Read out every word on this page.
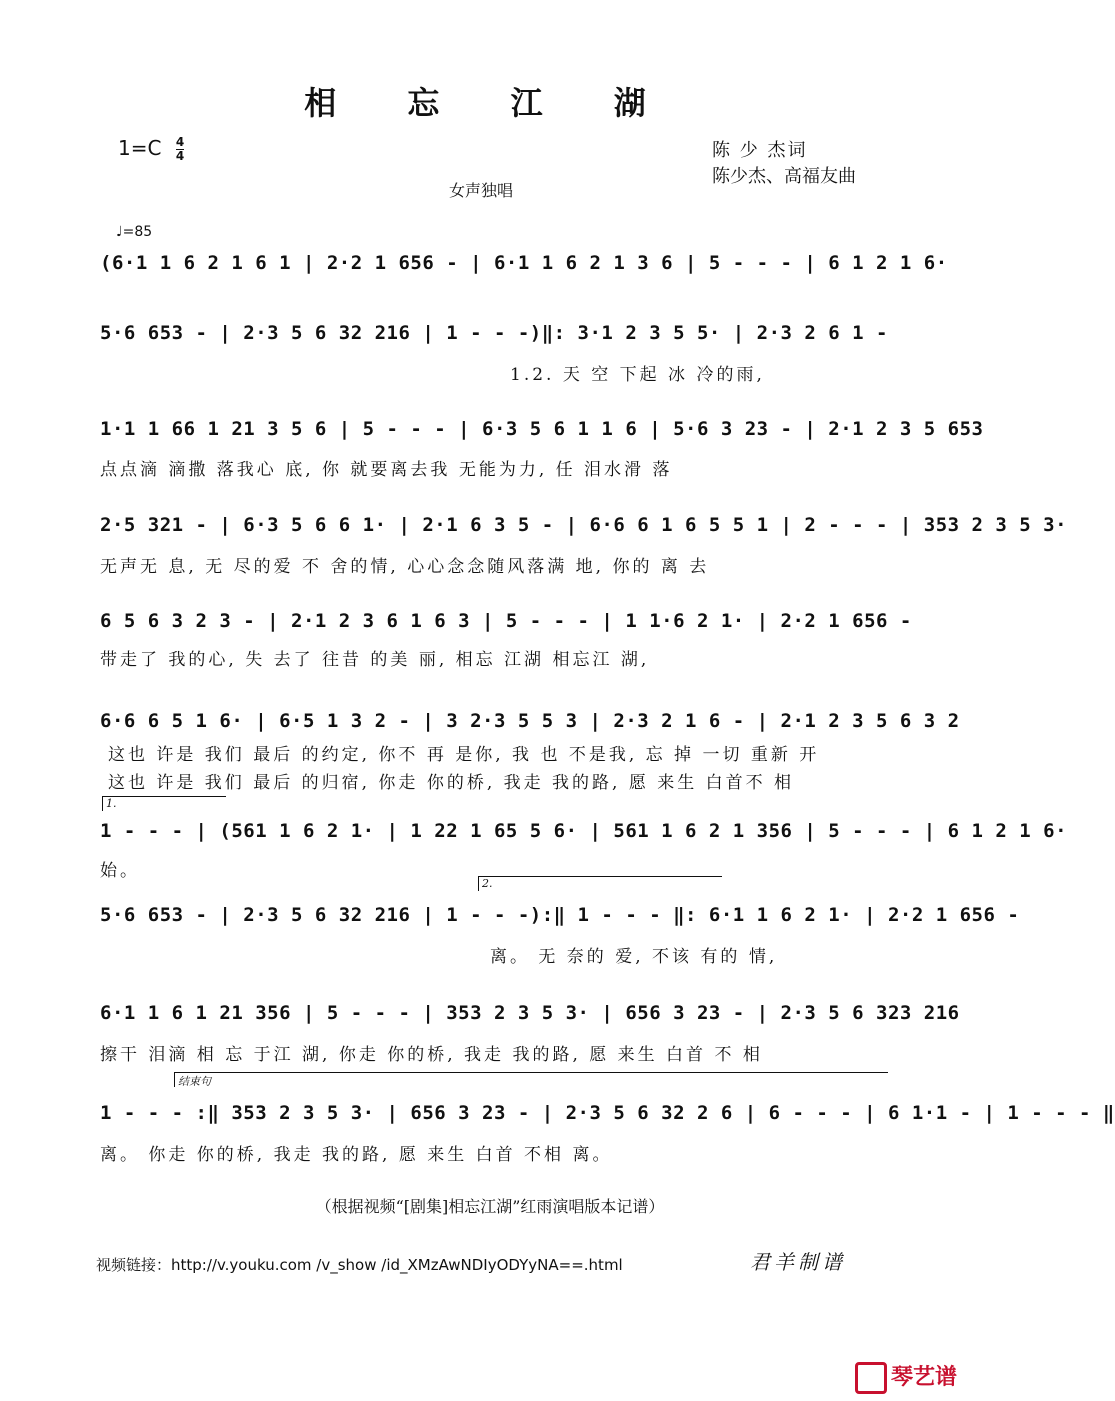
相 忘 江 湖
$1=C \frac{4}{4}$	陈 少 杰词
陈少杰、高福友曲
女声独唱
♩=85
(6·1 1 6 2 1 6 1 | 2·2 1 656 - | 6·1 1 6 2 1 3 6 | 5 - - - | 6 1 2 1 6·
5·6 653 - | 2·3 5 6 32 216 | 1 - - -)‖: 3·1 2 3 5 5· | 2·3 2 6 1 -
1.2. 天 空 下起 冰 冷的雨,
1·1 1 66 1 21 3 5 6 | 5 - - - | 6·3 5 6 1 1 6 | 5·6 3 23 - | 2·1 2 3 5 653
点点滴 滴撒 落我心 底, 你 就要离去我 无能为力, 任 泪水滑 落
2·5 321 - | 6·3 5 6 6 1· | 2·1 6 3 5 - | 6·6 6 1 6 5 5 1 | 2 - - - | 353 2 3 5 3·
无声无 息, 无 尽的爱 不 舍的情, 心心念念随风落满 地, 你的 离 去
6 5 6 3 2 3 - | 2·1 2 3 6 1 6 3 | 5 - - - | 1 1·6 2 1· | 2·2 1 656 -
带走了 我的心, 失 去了 往昔 的美 丽, 相忘 江湖 相忘江 湖,
6·6 6 5 1 6· | 6·5 1 3 2 - | 3 2·3 5 5 3 | 2·3 2 1 6 - | 2·1 2 3 5 6 3 2
这也 许是 我们 最后 的约定, 你不 再 是你, 我 也 不是我, 忘 掉 一切 重新 开
这也 许是 我们 最后 的归宿, 你走 你的桥, 我走 我的路, 愿 来生 白首不 相
1.
1 - - - | (561 1 6 2 1· | 1 22 1 65 5 6· | 561 1 6 2 1 356 | 5 - - - | 6 1 2 1 6·
始。
2.
5·6 653 - | 2·3 5 6 32 216 | 1 - - -):‖ 1 - - - ‖: 6·1 1 6 2 1· | 2·2 1 656 -
离。 无 奈的 爱, 不该 有的 情,
6·1 1 6 1 21 356 | 5 - - - | 353 2 3 5 3· | 656 3 23 - | 2·3 5 6 323 216
擦干 泪滴 相 忘 于江 湖, 你走 你的桥, 我走 我的路, 愿 来生 白首 不 相
结束句
1 - - - :‖ 353 2 3 5 3· | 656 3 23 - | 2·3 5 6 32 2 6 | 6 - - - | 6 1·1 - | 1 - - - ‖
离。 你走 你的桥, 我走 我的路, 愿 来生 白首 不相 离。
（根据视频“[剧集]相忘江湖”红雨演唱版本记谱）
视频链接：http://v.youku.com /v_show /id_XMzAwNDIyODYyNA==.html	君羊制谱
琴艺谱
